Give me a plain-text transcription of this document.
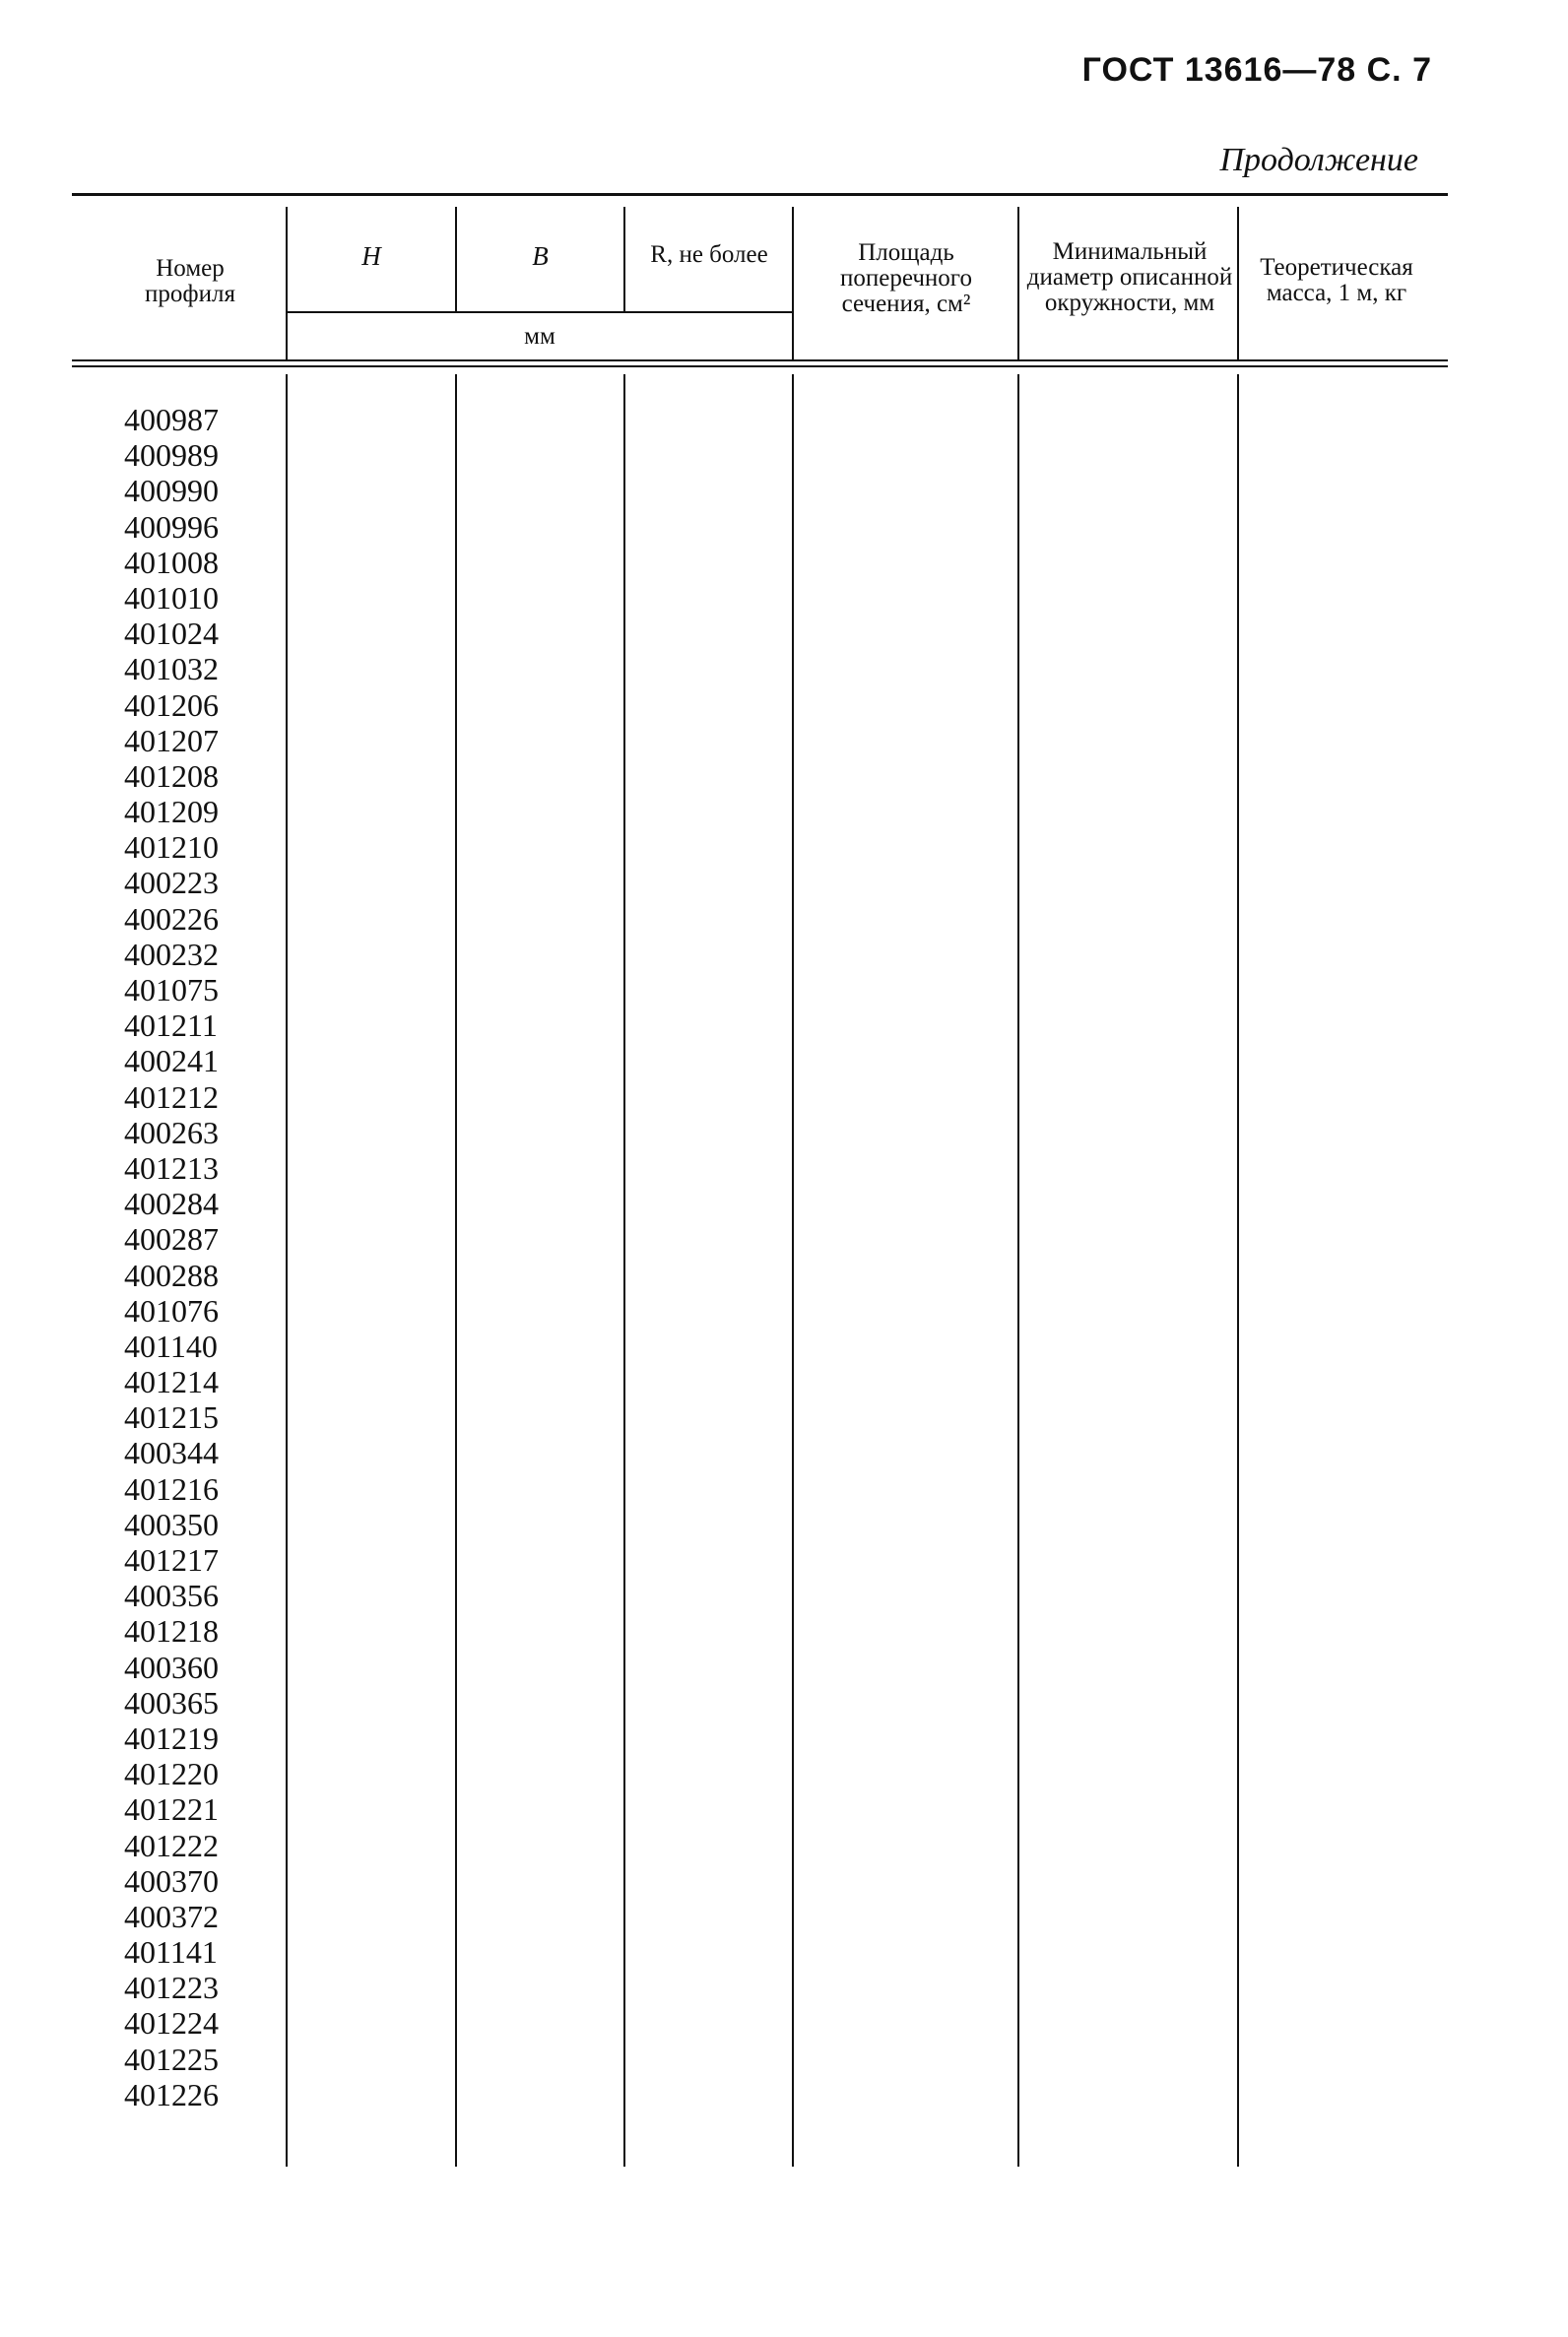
ГОСТ 13616—78 С. 7
Продолжение
Номер профиля
H	B	R, не более
мм
Площадь поперечного сечения, см²
Минимальный диаметр описанной окружности, мм
Теоретическая масса, 1 м, кг
400987
400989
400990
400996
401008
401010
401024
401032
401206
401207
401208
401209
401210
400223
400226
400232
401075
401211
400241
401212
400263
401213
400284
400287
400288
401076
401140
401214
401215
400344
401216
400350
401217
400356
401218
400360
400365
401219
401220
401221
401222
400370
400372
401141
401223
401224
401225
401226
